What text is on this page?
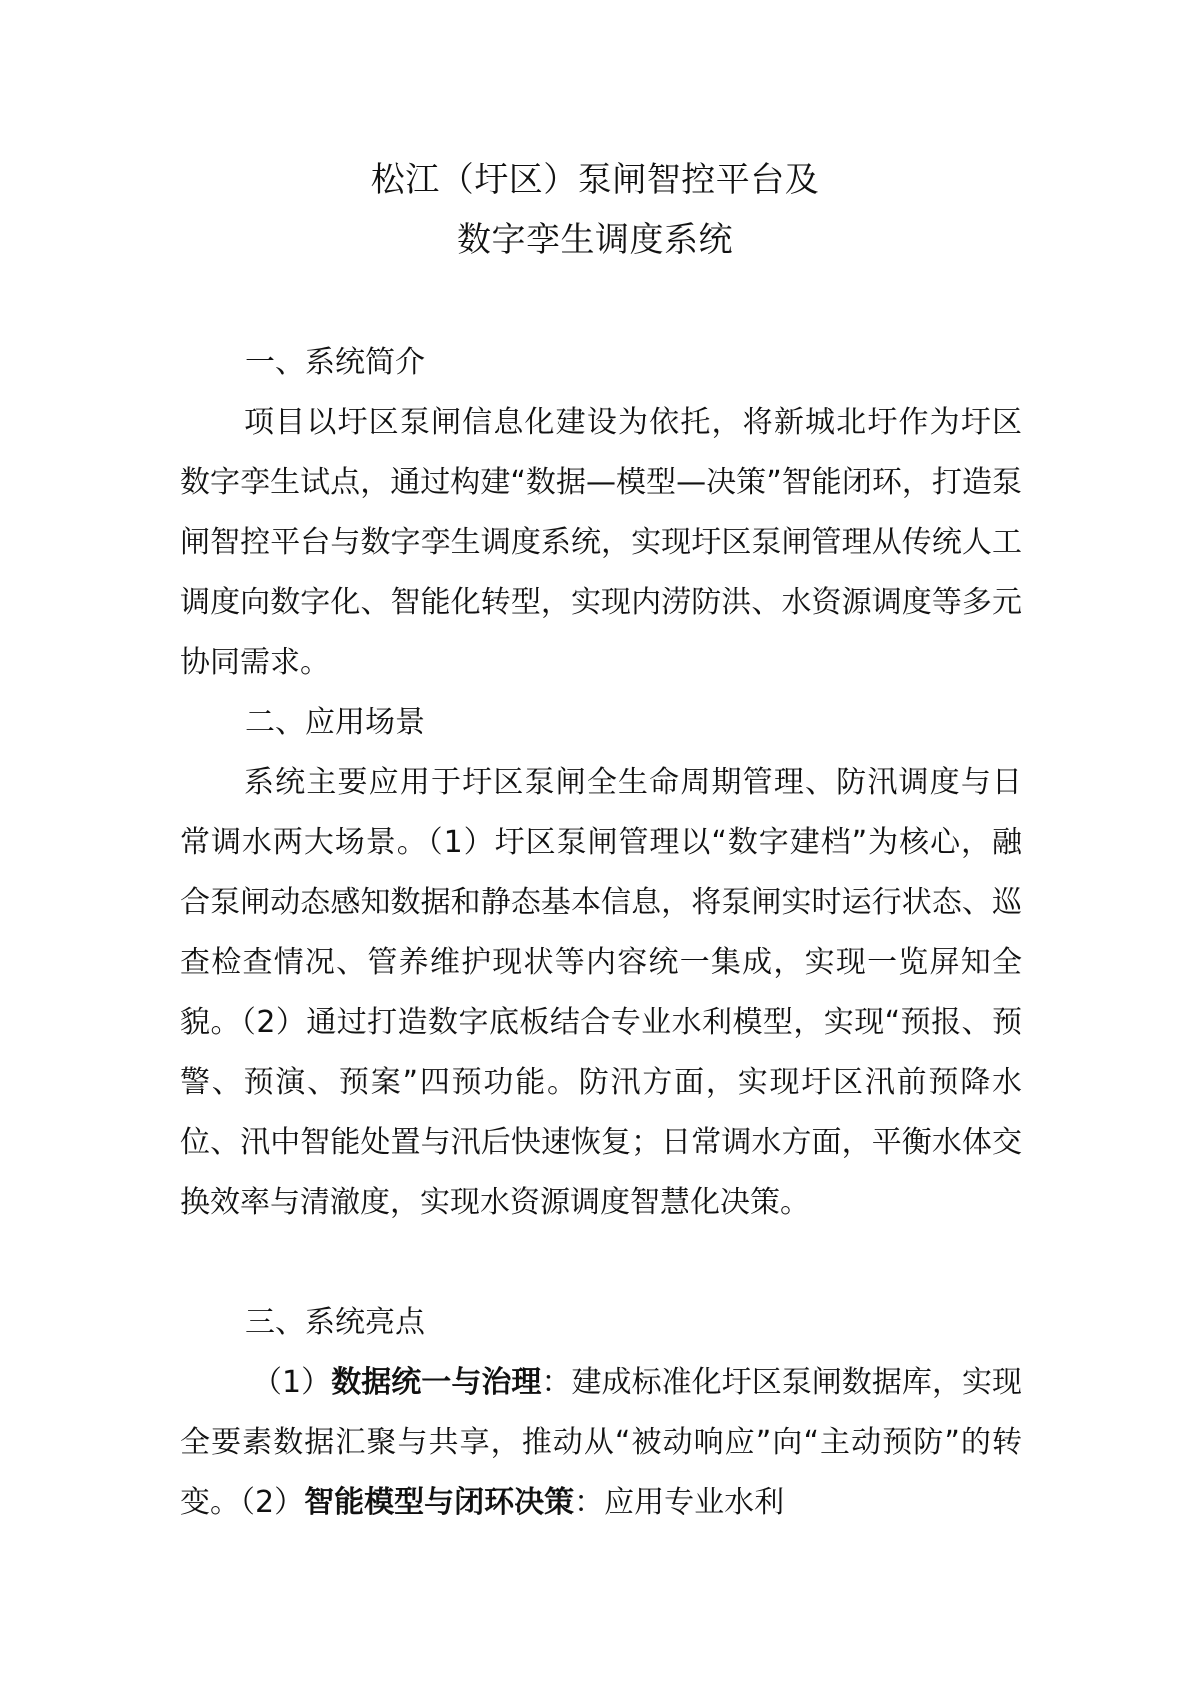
松江（圩区）泵闸智控平台及
数字孪生调度系统
一、系统简介
项目以圩区泵闸信息化建设为依托，将新城北圩作为圩区数字孪生试点，通过构建“数据—模型—决策”智能闭环，打造泵闸智控平台与数字孪生调度系统，实现圩区泵闸管理从传统人工调度向数字化、智能化转型，实现内涝防洪、水资源调度等多元协同需求。
二、应用场景
系统主要应用于圩区泵闸全生命周期管理、防汛调度与日常调水两大场景。（1）圩区泵闸管理以“数字建档”为核心，融合泵闸动态感知数据和静态基本信息，将泵闸实时运行状态、巡查检查情况、管养维护现状等内容统一集成，实现一览屏知全貌。（2）通过打造数字底板结合专业水利模型，实现“预报、预警、预演、预案”四预功能。防汛方面，实现圩区汛前预降水位、汛中智能处置与汛后快速恢复；日常调水方面，平衡水体交换效率与清澈度，实现水资源调度智慧化决策。
三、系统亮点
（1）数据统一与治理：建成标准化圩区泵闸数据库，实现全要素数据汇聚与共享，推动从“被动响应”向“主动预防”的转变。（2）智能模型与闭环决策：应用专业水利
